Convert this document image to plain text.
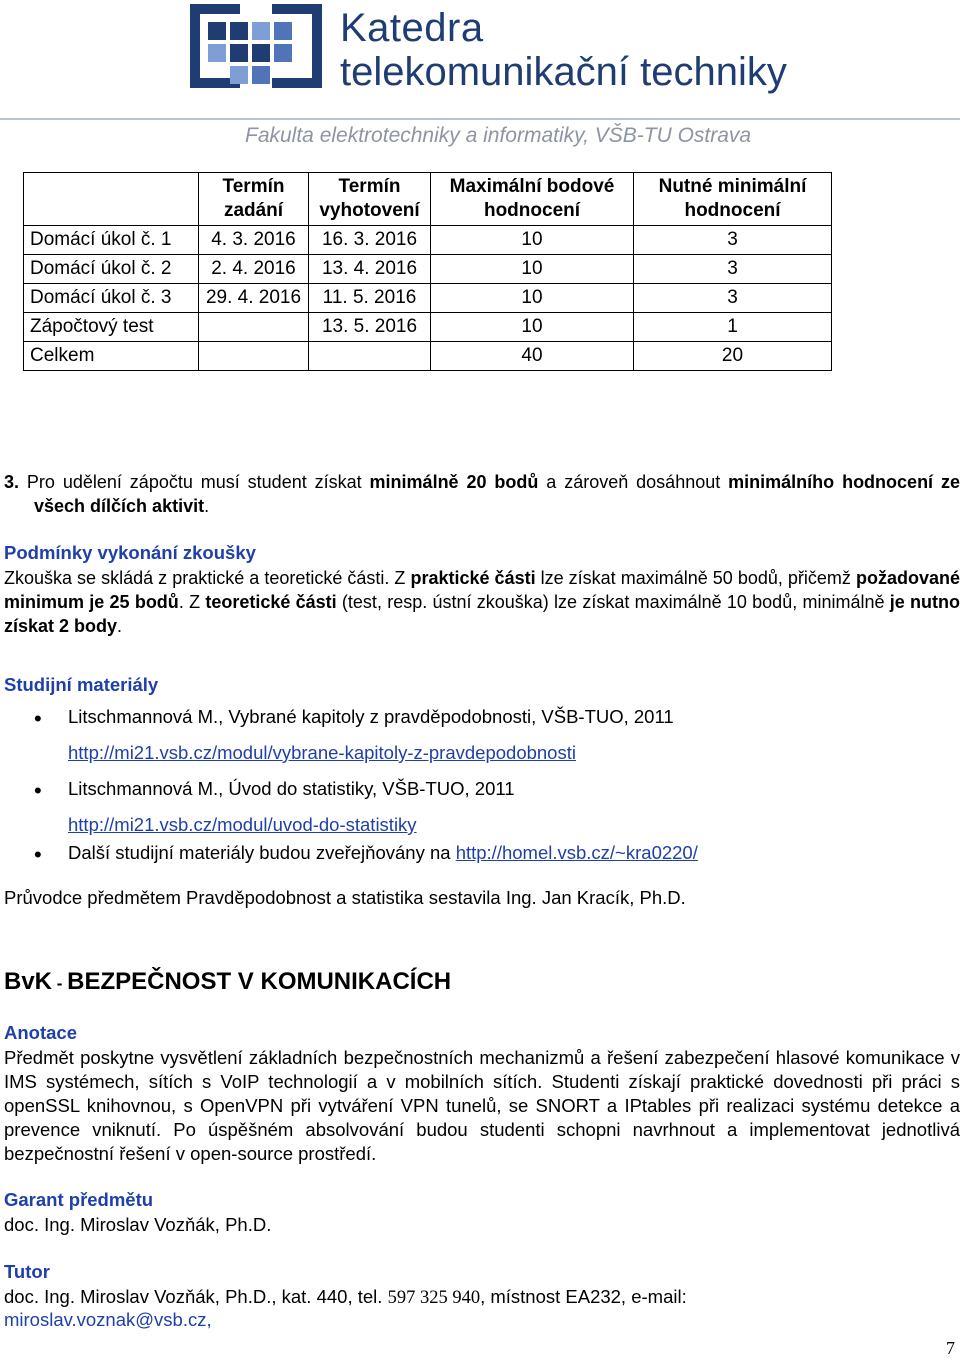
Katedra
telekomunikační techniky
Fakulta elektrotechniky a informatiky, VŠB-TU Ostrava
	Termín zadání	Termín vyhotovení	Maximální bodové hodnocení	Nutné minimální hodnocení
Domácí úkol č. 1	4. 3. 2016	16. 3. 2016	10	3
Domácí úkol č. 2	2. 4. 2016	13. 4. 2016	10	3
Domácí úkol č. 3	29. 4. 2016	11. 5. 2016	10	3
Zápočtový test		13. 5. 2016	10	1
Celkem			40	20
3. Pro udělení zápočtu musí student získat minimálně 20 bodů a zároveň dosáhnout minimálního hodnocení ze všech dílčích aktivit.
Podmínky vykonání zkoušky
Zkouška se skládá z praktické a teoretické části. Z praktické části lze získat maximálně 50 bodů, přičemž požadované minimum je 25 bodů. Z teoretické části (test, resp. ústní zkouška) lze získat maximálně 10 bodů, minimálně je nutno získat 2 body.
Studijní materiály
• Litschmannová M., Vybrané kapitoly z pravděpodobnosti, VŠB-TUO, 2011
• Litschmannová M., Úvod do statistiky, VŠB-TUO, 2011
• Další studijní materiály budou zveřejňovány na http://homel.vsb.cz/~kra0220/
http://mi21.vsb.cz/modul/vybrane-kapitoly-z-pravdepodobnosti
http://mi21.vsb.cz/modul/uvod-do-statistiky
Průvodce předmětem Pravděpodobnost a statistika sestavila Ing. Jan Kracík, Ph.D.
BvK - BEZPEČNOST V KOMUNIKACÍCH
Anotace
Předmět poskytne vysvětlení základních bezpečnostních mechanizmů a řešení zabezpečení hlasové komunikace v IMS systémech, sítích s VoIP technologií a v mobilních sítích. Studenti získají praktické dovednosti při práci s openSSL knihovnou, s OpenVPN při vytváření VPN tunelů, se SNORT a IPtables při realizaci systému detekce a prevence vniknutí. Po úspěšném absolvování budou studenti schopni navrhnout a implementovat jednotlivá bezpečnostní řešení v open-source prostředí.
Garant předmětu
doc. Ing. Miroslav Vozňák, Ph.D.
Tutor
doc. Ing. Miroslav Vozňák, Ph.D., kat. 440, tel. 597 325 940, místnost EA232, e-mail:
miroslav.voznak@vsb.cz,
7
